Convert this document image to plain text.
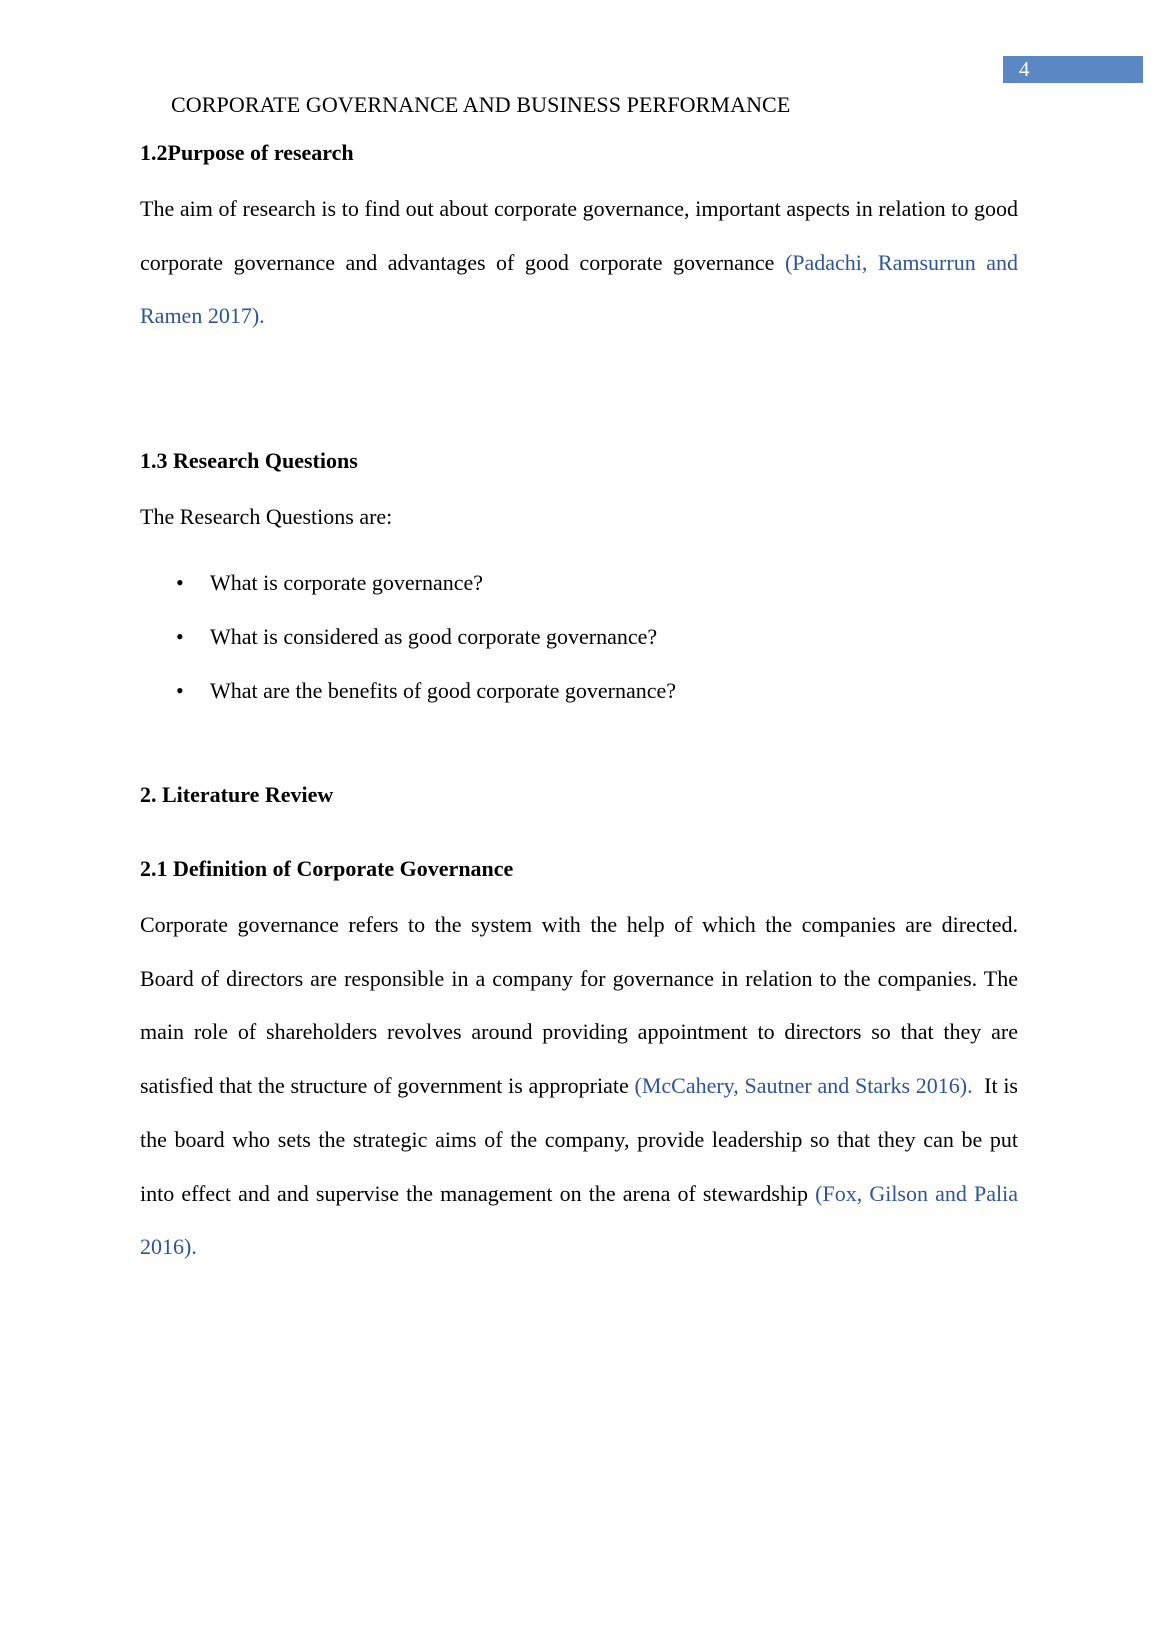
4
CORPORATE GOVERNANCE AND BUSINESS PERFORMANCE
1.2Purpose of research

The aim of research is to find out about corporate governance, important aspects in relation to good corporate governance and advantages of good corporate governance (Padachi, Ramsurrun and Ramen 2017).

1.3 Research Questions

The Research Questions are:

• What is corporate governance?
• What is considered as good corporate governance?
• What are the benefits of good corporate governance?
2. Literature Review
2.1 Definition of Corporate Governance

Corporate governance refers to the system with the help of which the companies are directed. Board of directors are responsible in a company for governance in relation to the companies. The main role of shareholders revolves around providing appointment to directors so that they are satisfied that the structure of government is appropriate (McCahery, Sautner and Starks 2016).  It is the board who sets the strategic aims of the company, provide leadership so that they can be put into effect and and supervise the management on the arena of stewardship (Fox, Gilson and Palia 2016).
